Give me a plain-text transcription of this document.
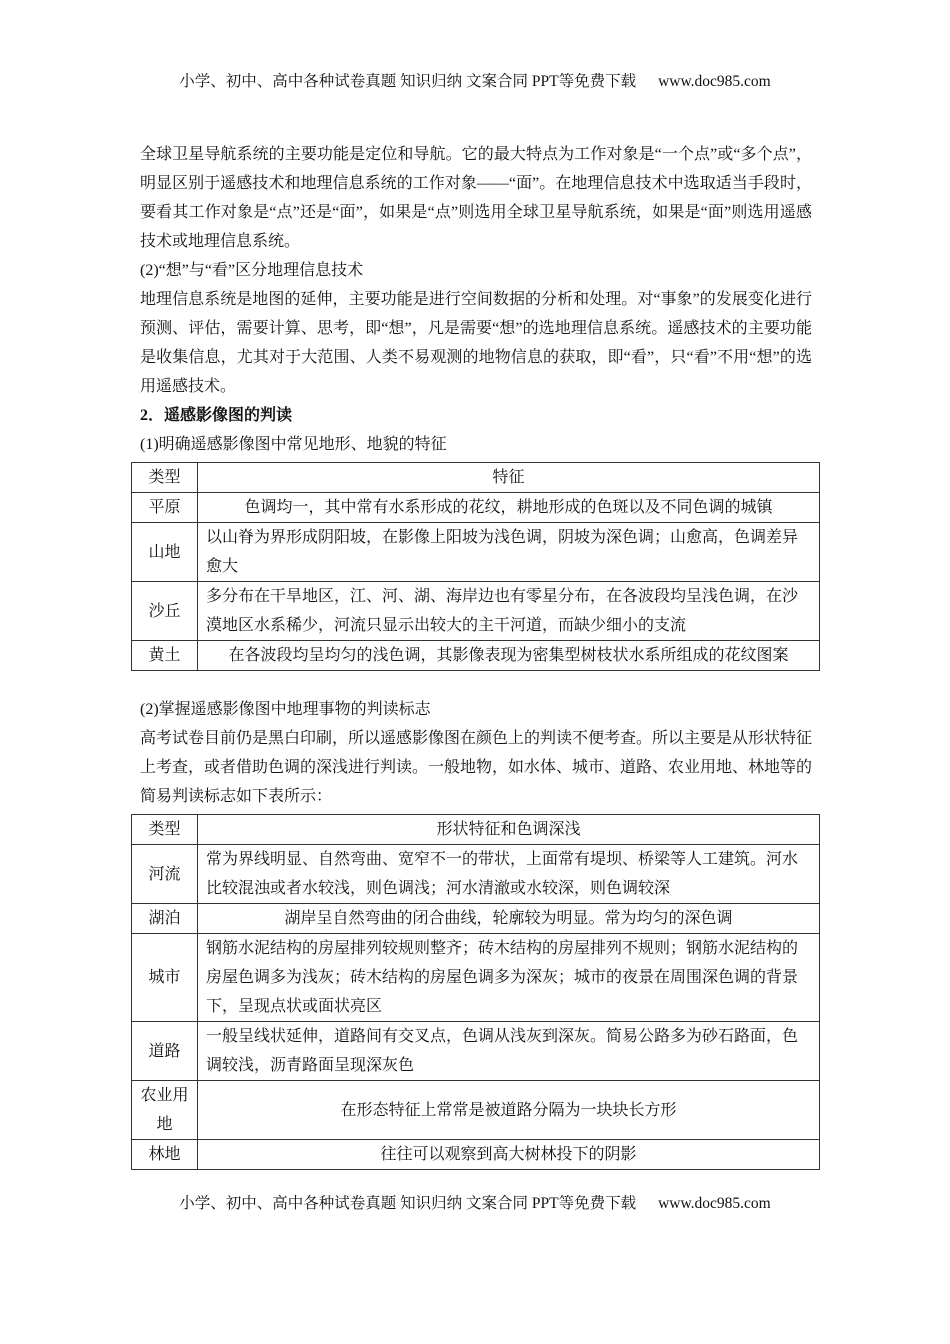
小学、初中、高中各种试卷真题 知识归纳 文案合同 PPT等免费下载 www.doc985.com

全球卫星导航系统的主要功能是定位和导航。它的最大特点为工作对象是“一个点”或“多个点”，明显区别于遥感技术和地理信息系统的工作对象——“面”。在地理信息技术中选取适当手段时，要看其工作对象是“点”还是“面”，如果是“点”则选用全球卫星导航系统，如果是“面”则选用遥感技术或地理信息系统。

(2)“想”与“看”区分地理信息技术

地理信息系统是地图的延伸，主要功能是进行空间数据的分析和处理。对“事象”的发展变化进行预测、评估，需要计算、思考，即“想”，凡是需要“想”的选地理信息系统。遥感技术的主要功能是收集信息，尤其对于大范围、人类不易观测的地物信息的获取，即“看”，只“看”不用“想”的选用遥感技术。

2．遥感影像图的判读

(1)明确遥感影像图中常见地形、地貌的特征

类型	特征
平原	色调均一，其中常有水系形成的花纹，耕地形成的色斑以及不同色调的城镇
山地	以山脊为界形成阴阳坡，在影像上阳坡为浅色调，阴坡为深色调；山愈高，色调差异愈大
沙丘	多分布在干旱地区，江、河、湖、海岸边也有零星分布，在各波段均呈浅色调，在沙漠地区水系稀少，河流只显示出较大的主干河道，而缺少细小的支流
黄土	在各波段均呈均匀的浅色调，其影像表现为密集型树枝状水系所组成的花纹图案

(2)掌握遥感影像图中地理事物的判读标志

高考试卷目前仍是黑白印刷，所以遥感影像图在颜色上的判读不便考查。所以主要是从形状特征上考查，或者借助色调的深浅进行判读。一般地物，如水体、城市、道路、农业用地、林地等的简易判读标志如下表所示：

类型	形状特征和色调深浅
河流	常为界线明显、自然弯曲、宽窄不一的带状，上面常有堤坝、桥梁等人工建筑。河水比较混浊或者水较浅，则色调浅；河水清澈或水较深，则色调较深
湖泊	湖岸呈自然弯曲的闭合曲线，轮廓较为明显。常为均匀的深色调
城市	钢筋水泥结构的房屋排列较规则整齐；砖木结构的房屋排列不规则；钢筋水泥结构的房屋色调多为浅灰；砖木结构的房屋色调多为深灰；城市的夜景在周围深色调的背景下，呈现点状或面状亮区
道路	一般呈线状延伸，道路间有交叉点，色调从浅灰到深灰。简易公路多为砂石路面，色调较浅，沥青路面呈现深灰色
农业用地	在形态特征上常常是被道路分隔为一块块长方形
林地	往往可以观察到高大树林投下的阴影
小学、初中、高中各种试卷真题 知识归纳 文案合同 PPT等免费下载 www.doc985.com
